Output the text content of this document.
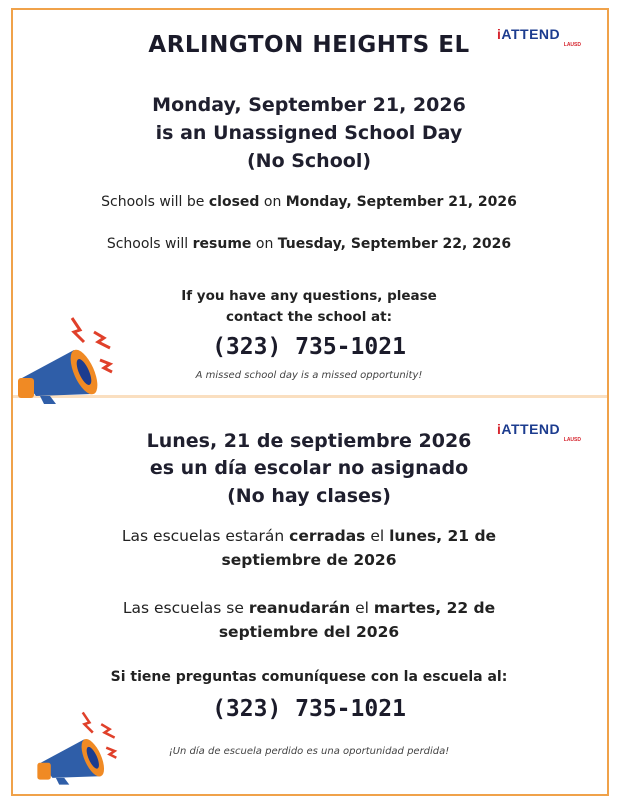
ARLINGTON HEIGHTS EL	iATTEND
LAUSD
Monday, September 21, 2026
is an Unassigned School Day
(No School)
Schools will be closed on Monday, September 21, 2026
Schools will resume on Tuesday, September 22, 2026
If you have any questions, please
contact the school at:
(323) 735-1021
A missed school day is a missed opportunity!
iATTEND
LAUSD
Lunes, 21 de septiembre 2026
es un día escolar no asignado
(No hay clases)
Las escuelas estarán cerradas el lunes, 21 de
septiembre de 2026
Las escuelas se reanudarán el martes, 22 de
septiembre del 2026
Si tiene preguntas comuníquese con la escuela al:
(323) 735-1021
¡Un día de escuela perdido es una oportunidad perdida!
